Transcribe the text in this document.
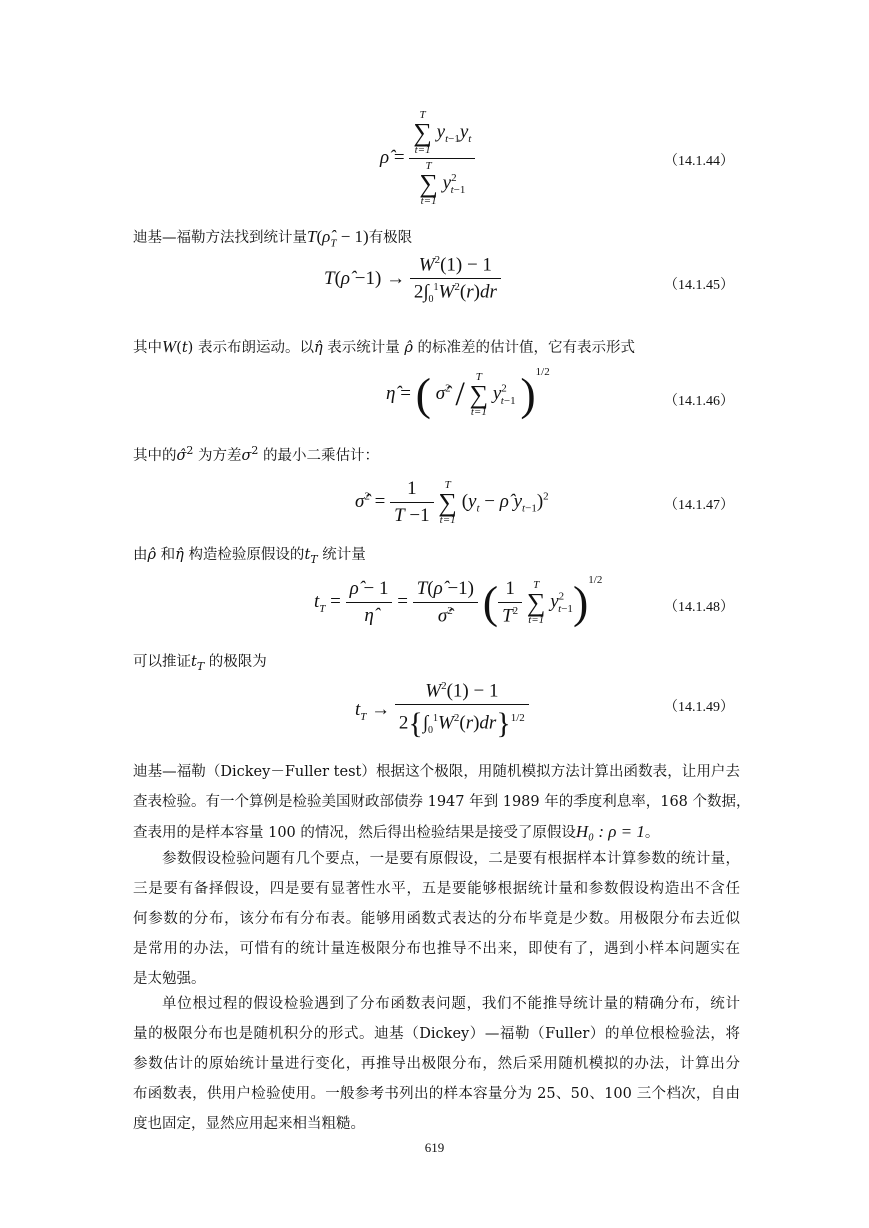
ρ̂ = T
∑
t=1
$y_{t-1}y_t$
T
∑
t=1
$y^2_{t-1}$	（14.1.44）
迪基—福勒方法找到统计量$T(\rhô_T - 1)$有极限
T(ρ̂ $-1) \to \frac{W^2(1) - 1}{2\int_0^1W^2(r)dr}$	（14.1.45）
其中W(t) 表示布朗运动。以η̂ 表示统计量 ρ̂ 的标准差的估计值，它有表示形式
η̂ = ( σ̂$^2$ / T
∑
t=1
$y^2_{t-1}$ )$^{1/2}$
（14.1.46）
其中的σ̂$^2$ 为方差$\sigma^2$ 的最小二乘估计：
σ̂$^2$ = $\frac{1}{T -1}$
T
∑
t=1
($y_t$ − ρ̂ $y_{t-1})^2$
（14.1.47）
由ρ̂ 和η̂ 构造检验原假设的$t_T$ 统计量
$t_T = \frac{\rhô - 1}{\etâ} = \frac{T(\rhô -1)}{\sigmâ^2}$ ( $\frac{1}{T^2}$
T
∑
t=1
$y^2_{t-1})^{1/2}$
（14.1.48）
可以推证$t_T$ 的极限为
$t_T \to \frac{W^2(1) - 1}{2\{\int_0^1W^2(r)dr\}^{1/2}}$	（14.1.49）
迪基—福勒（Dickey－Fuller test）根据这个极限，用随机模拟方法计算出函数表，让用户去
查表检验。有一个算例是检验美国财政部债券 1947 年到 1989 年的季度利息率，168 个数据，
查表用的是样本容量 100 的情况，然后得出检验结果是接受了原假设H₀ : ρ = 1。
参数假设检验问题有几个要点，一是要有原假设，二是要有根据样本计算参数的统计量，
三是要有备择假设，四是要有显著性水平，五是要能够根据统计量和参数假设构造出不含任
何参数的分布，该分布有分布表。能够用函数式表达的分布毕竟是少数。用极限分布去近似
是常用的办法，可惜有的统计量连极限分布也推导不出来，即使有了，遇到小样本问题实在
是太勉强。
单位根过程的假设检验遇到了分布函数表问题，我们不能推导统计量的精确分布，统计
量的极限分布也是随机积分的形式。迪基（Dickey）—福勒（Fuller）的单位根检验法，将
参数估计的原始统计量进行变化，再推导出极限分布，然后采用随机模拟的办法，计算出分
布函数表，供用户检验使用。一般参考书列出的样本容量分为 25、50、100 三个档次，自由
度也固定，显然应用起来相当粗糙。
619
